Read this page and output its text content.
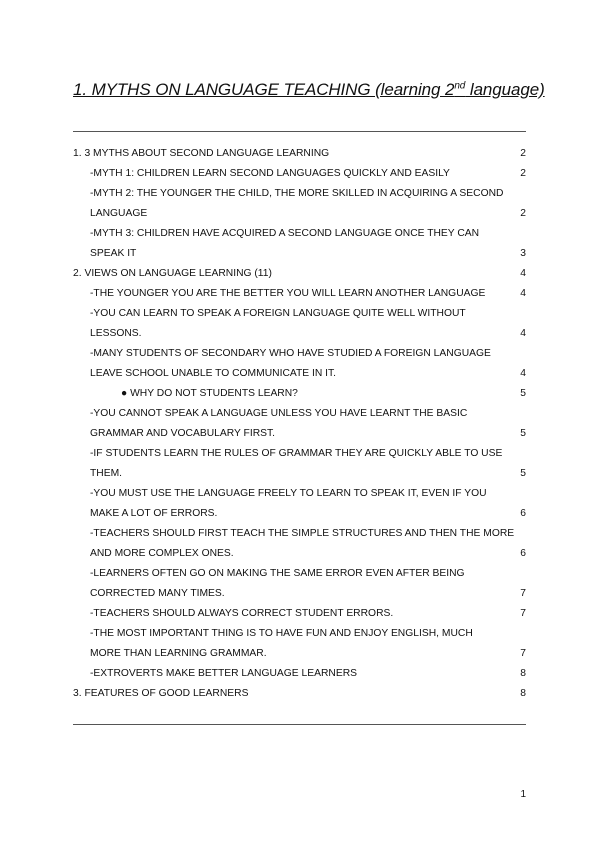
1. MYTHS ON LANGUAGE TEACHING (learning 2nd language)
1. 3 MYTHS ABOUT SECOND LANGUAGE LEARNING	2
-MYTH 1: CHILDREN LEARN SECOND LANGUAGES QUICKLY AND EASILY	2
-MYTH 2: THE YOUNGER THE CHILD, THE MORE SKILLED IN ACQUIRING A SECOND
LANGUAGE	2
-MYTH 3: CHILDREN HAVE ACQUIRED A SECOND LANGUAGE ONCE THEY CAN
SPEAK IT	3
2. VIEWS ON LANGUAGE LEARNING (11)	4
-THE YOUNGER YOU ARE THE BETTER YOU WILL LEARN ANOTHER LANGUAGE	4
-YOU CAN LEARN TO SPEAK A FOREIGN LANGUAGE QUITE WELL WITHOUT
LESSONS.	4
-MANY STUDENTS OF SECONDARY WHO HAVE STUDIED A FOREIGN LANGUAGE
LEAVE SCHOOL UNABLE TO COMMUNICATE IN IT.	4
● WHY DO NOT STUDENTS LEARN?	5
-YOU CANNOT SPEAK A LANGUAGE UNLESS YOU HAVE LEARNT THE BASIC
GRAMMAR AND VOCABULARY FIRST.	5
-IF STUDENTS LEARN THE RULES OF GRAMMAR THEY ARE QUICKLY ABLE TO USE
THEM.	5
-YOU MUST USE THE LANGUAGE FREELY TO LEARN TO SPEAK IT, EVEN IF YOU
MAKE A LOT OF ERRORS.	6
-TEACHERS SHOULD FIRST TEACH THE SIMPLE STRUCTURES AND THEN THE MORE
AND MORE COMPLEX ONES.	6
-LEARNERS OFTEN GO ON MAKING THE SAME ERROR EVEN AFTER BEING
CORRECTED MANY TIMES.	7
-TEACHERS SHOULD ALWAYS CORRECT STUDENT ERRORS.	7
-THE MOST IMPORTANT THING IS TO HAVE FUN AND ENJOY ENGLISH, MUCH
MORE THAN LEARNING GRAMMAR.	7
-EXTROVERTS MAKE BETTER LANGUAGE LEARNERS	8
3. FEATURES OF GOOD LEARNERS	8
1
